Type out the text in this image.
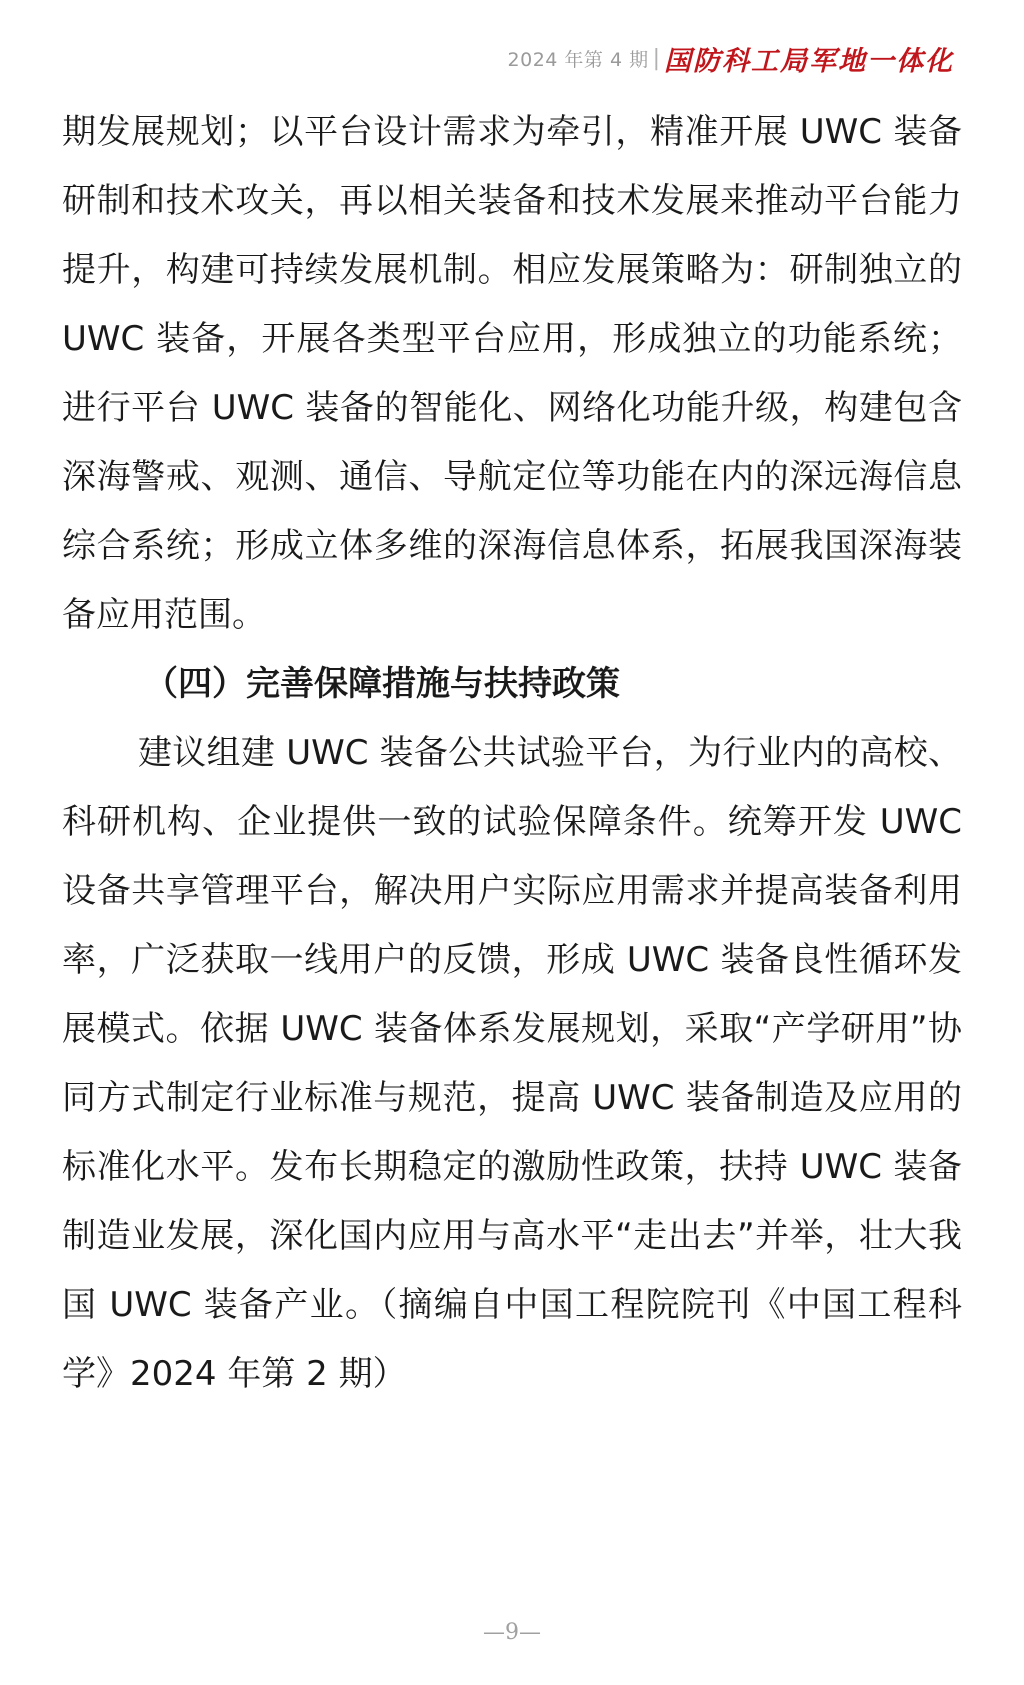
2024 年第 4 期 | 国防科工局军地一体化

期发展规划；以平台设计需求为牵引，精准开展 UWC 装备研制和技术攻关，再以相关装备和技术发展来推动平台能力提升，构建可持续发展机制。相应发展策略为：研制独立的 UWC 装备，开展各类型平台应用，形成独立的功能系统；进行平台 UWC 装备的智能化、网络化功能升级，构建包含深海警戒、观测、通信、导航定位等功能在内的深远海信息综合系统；形成立体多维的深海信息体系，拓展我国深海装备应用范围。

（四）完善保障措施与扶持政策

建议组建 UWC 装备公共试验平台，为行业内的高校、科研机构、企业提供一致的试验保障条件。统筹开发 UWC 设备共享管理平台，解决用户实际应用需求并提高装备利用率，广泛获取一线用户的反馈，形成 UWC 装备良性循环发展模式。依据 UWC 装备体系发展规划，采取“产学研用”协同方式制定行业标准与规范，提高 UWC 装备制造及应用的标准化水平。发布长期稳定的激励性政策，扶持 UWC 装备制造业发展，深化国内应用与高水平“走出去”并举，壮大我国 UWC 装备产业。（摘编自中国工程院院刊《中国工程科学》2024 年第 2 期）

—9—
